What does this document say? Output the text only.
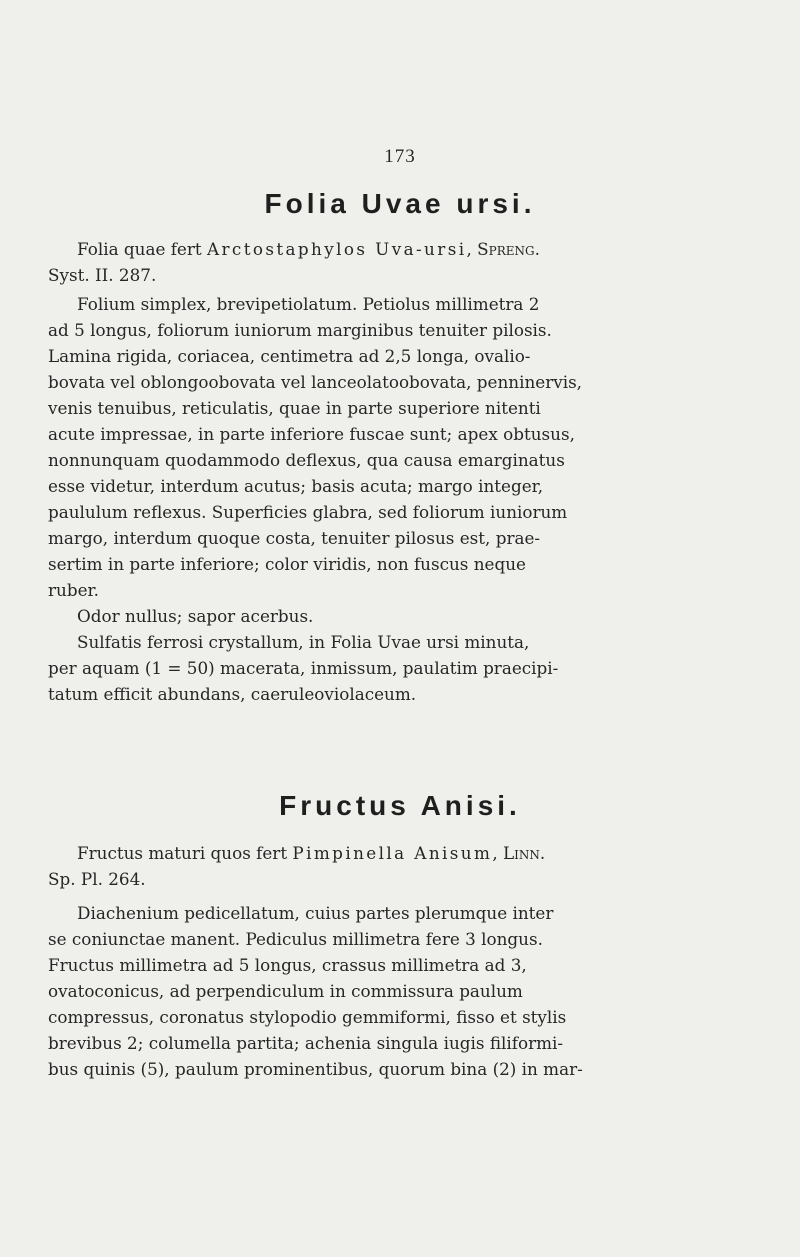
173
Folia Uvae ursi.
Folia quae fert Arctostaphylos Uva-ursi, Spreng.
Syst. II. 287.
Folium simplex, brevipetiolatum. Petiolus millimetra 2
ad 5 longus, foliorum iuniorum marginibus tenuiter pilosis.
Lamina rigida, coriacea, centimetra ad 2,5 longa, ovalio-
bovata vel oblongoobovata vel lanceolatoobovata, penninervis,
venis tenuibus, reticulatis, quae in parte superiore nitenti
acute impressae, in parte inferiore fuscae sunt; apex obtusus,
nonnunquam quodammodo deflexus, qua causa emarginatus
esse videtur, interdum acutus; basis acuta; margo integer,
paululum reflexus. Superficies glabra, sed foliorum iuniorum
margo, interdum quoque costa, tenuiter pilosus est, prae-
sertim in parte inferiore; color viridis, non fuscus neque
ruber.
Odor nullus; sapor acerbus.
Sulfatis ferrosi crystallum, in Folia Uvae ursi minuta,
per aquam (1 = 50) macerata, inmissum, paulatim praecipi-
tatum efficit abundans, caeruleoviolaceum.
Fructus Anisi.
Fructus maturi quos fert Pimpinella Anisum, Linn.
Sp. Pl. 264.
Diachenium pedicellatum, cuius partes plerumque inter
se coniunctae manent. Pediculus millimetra fere 3 longus.
Fructus millimetra ad 5 longus, crassus millimetra ad 3,
ovatoconicus, ad perpendiculum in commissura paulum
compressus, coronatus stylopodio gemmiformi, fisso et stylis
brevibus 2; columella partita; achenia singula iugis filiformi-
bus quinis (5), paulum prominentibus, quorum bina (2) in mar-
